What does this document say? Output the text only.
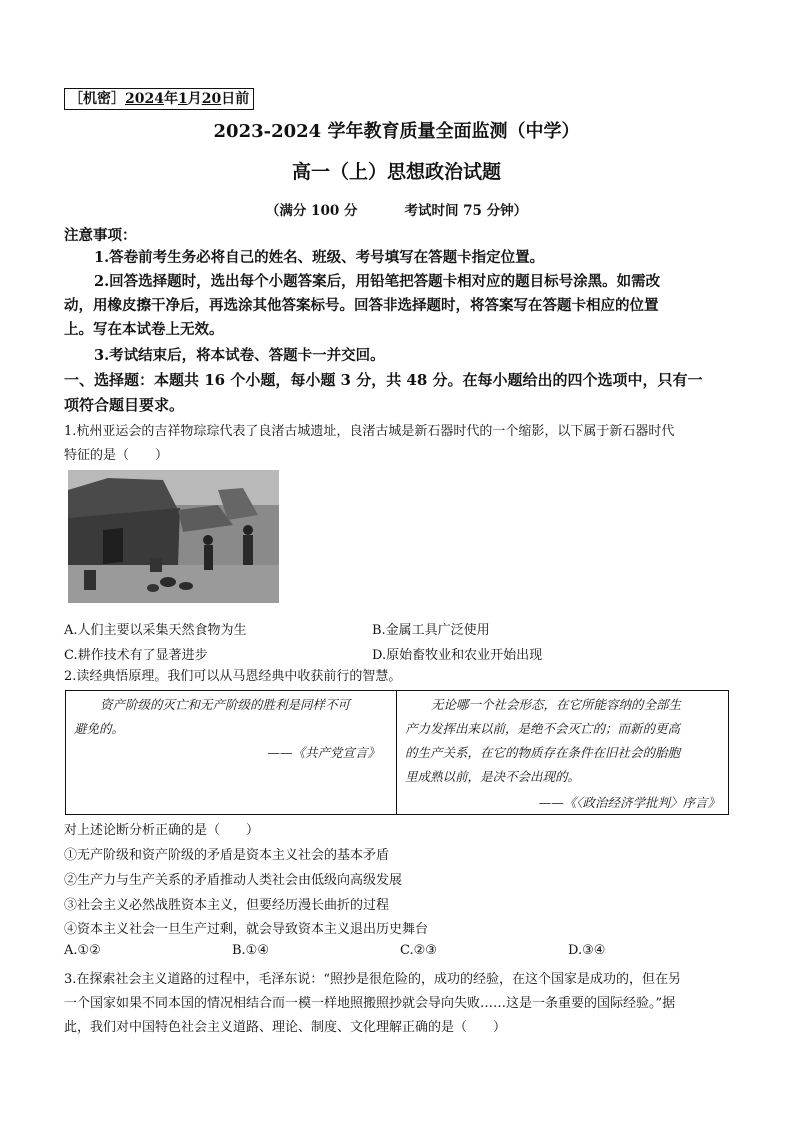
［机密］2024年1月20日前
2023-2024 学年教育质量全面监测（中学）
高一（上）思想政治试题
（满分 100 分	考试时间 75 分钟）
注意事项：
1.答卷前考生务必将自己的姓名、班级、考号填写在答题卡指定位置。
2.回答选择题时，选出每个小题答案后，用铅笔把答题卡相对应的题目标号涂黑。如需改
动，用橡皮擦干净后，再选涂其他答案标号。回答非选择题时，将答案写在答题卡相应的位置
上。写在本试卷上无效。
3.考试结束后，将本试卷、答题卡一并交回。
一、选择题：本题共 16 个小题，每小题 3 分，共 48 分。在每小题给出的四个选项中，只有一
项符合题目要求。
1.杭州亚运会的吉祥物琮琮代表了良渚古城遗址，良渚古城是新石器时代的一个缩影，以下属于新石器时代
特征的是（　　）
A.人们主要以采集天然食物为生	B.金属工具广泛使用
C.耕作技术有了显著进步	D.原始畜牧业和农业开始出现
2.读经典悟原理。我们可以从马恩经典中收获前行的智慧。
资产阶级的灭亡和无产阶级的胜利是同样不可
避免的。
——《共产党宣言》
无论哪一个社会形态，在它所能容纳的全部生
产力发挥出来以前，是绝不会灭亡的；而新的更高
的生产关系，在它的物质存在条件在旧社会的胎胞
里成熟以前，是决不会出现的。
——《〈政治经济学批判〉序言》
对上述论断分析正确的是（　　）
①无产阶级和资产阶级的矛盾是资本主义社会的基本矛盾
②生产力与生产关系的矛盾推动人类社会由低级向高级发展
③社会主义必然战胜资本主义，但要经历漫长曲折的过程
④资本主义社会一旦生产过剩，就会导致资本主义退出历史舞台
A.①②	B.①④	C.②③	D.③④
3.在探索社会主义道路的过程中，毛泽东说：“照抄是很危险的，成功的经验，在这个国家是成功的，但在另
一个国家如果不同本国的情况相结合而一模一样地照搬照抄就会导向失败……这是一条重要的国际经验。”据
此，我们对中国特色社会主义道路、理论、制度、文化理解正确的是（　　）
